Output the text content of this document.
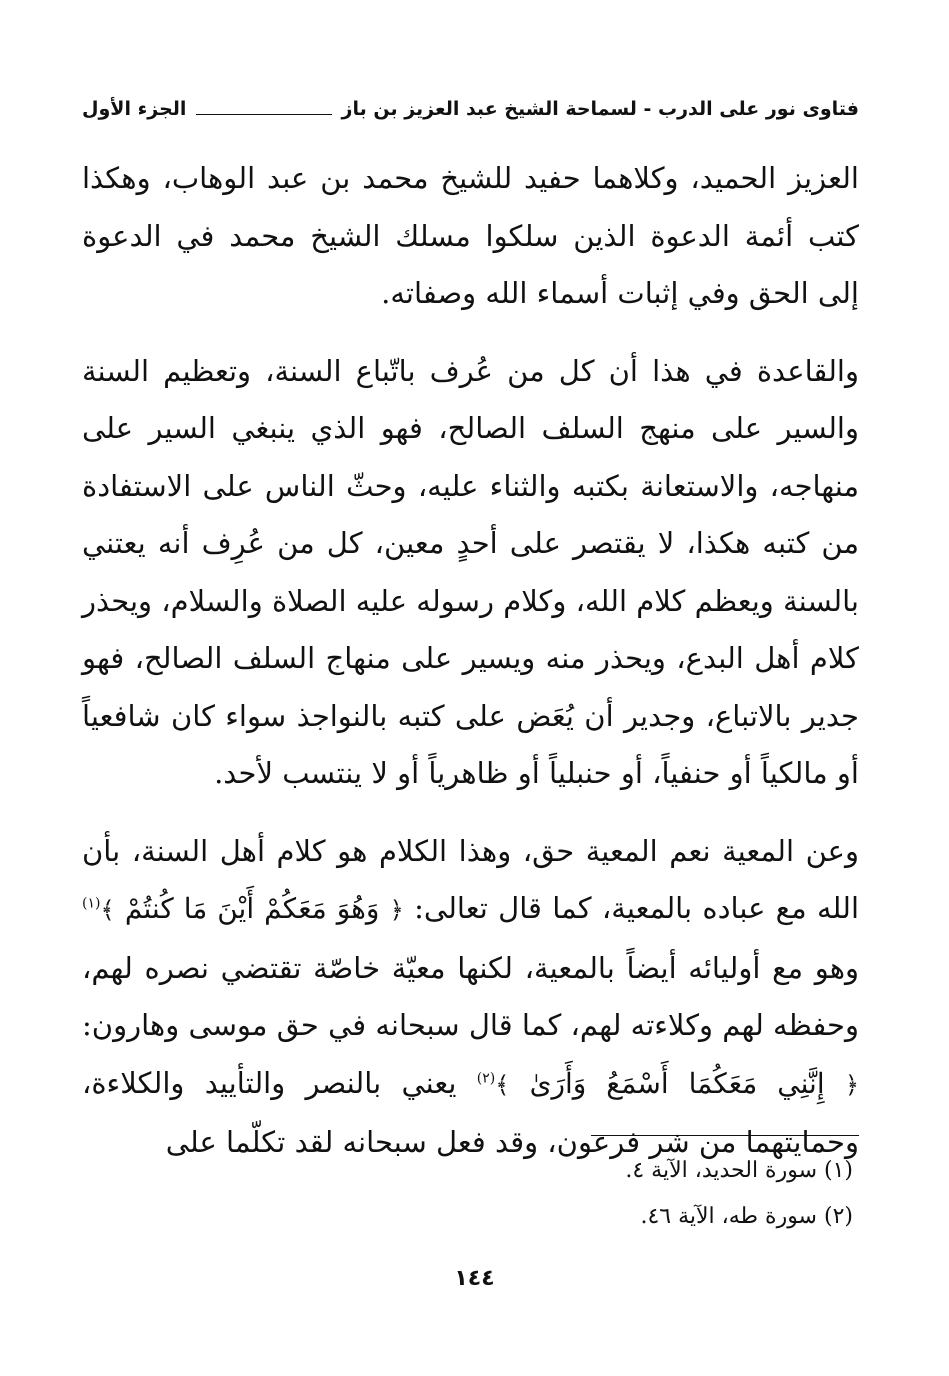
فتاوى نور على الدرب - لسماحة الشيخ عبد العزيز بن باز
الجزء الأول

العزيز الحميد، وكلاهما حفيد للشيخ محمد بن عبد الوهاب، وهكذا كتب أئمة الدعوة الذين سلكوا مسلك الشيخ محمد في الدعوة إلى الحق وفي إثبات أسماء الله وصفاته.

والقاعدة في هذا أن كل من عُرف باتّباع السنة، وتعظيم السنة والسير على منهج السلف الصالح، فهو الذي ينبغي السير على منهاجه، والاستعانة بكتبه والثناء عليه، وحثّ الناس على الاستفادة من كتبه هكذا، لا يقتصر على أحدٍ معين، كل من عُرِف أنه يعتني بالسنة ويعظم كلام الله، وكلام رسوله عليه الصلاة والسلام، ويحذر كلام أهل البدع، ويحذر منه ويسير على منهاج السلف الصالح، فهو جدير بالاتباع، وجدير أن يُعَض على كتبه بالنواجذ سواء كان شافعياً أو مالكياً أو حنفياً، أو حنبلياً أو ظاهرياً أو لا ينتسب لأحد.

وعن المعية نعم المعية حق، وهذا الكلام هو كلام أهل السنة، بأن الله مع عباده بالمعية، كما قال تعالى: ﴿ وَهُوَ مَعَكُمْ أَيْنَ مَا كُنتُمْ ﴾$^{(١)}$ وهو مع أوليائه أيضاً بالمعية، لكنها معيّة خاصّة تقتضي نصره لهم، وحفظه لهم وكلاءته لهم، كما قال سبحانه في حق موسى وهارون: ﴿ إِنَّنِي مَعَكُمَا أَسْمَعُ وَأَرَىٰ ﴾$^{(٢)}$ يعني بالنصر والتأييد والكلاءة، وحمايتهما من شر فرعون، وقد فعل سبحانه لقد تكلّما على

(١) سورة الحديد، الآية ٤.
(٢) سورة طه، الآية ٤٦.
١٤٤
